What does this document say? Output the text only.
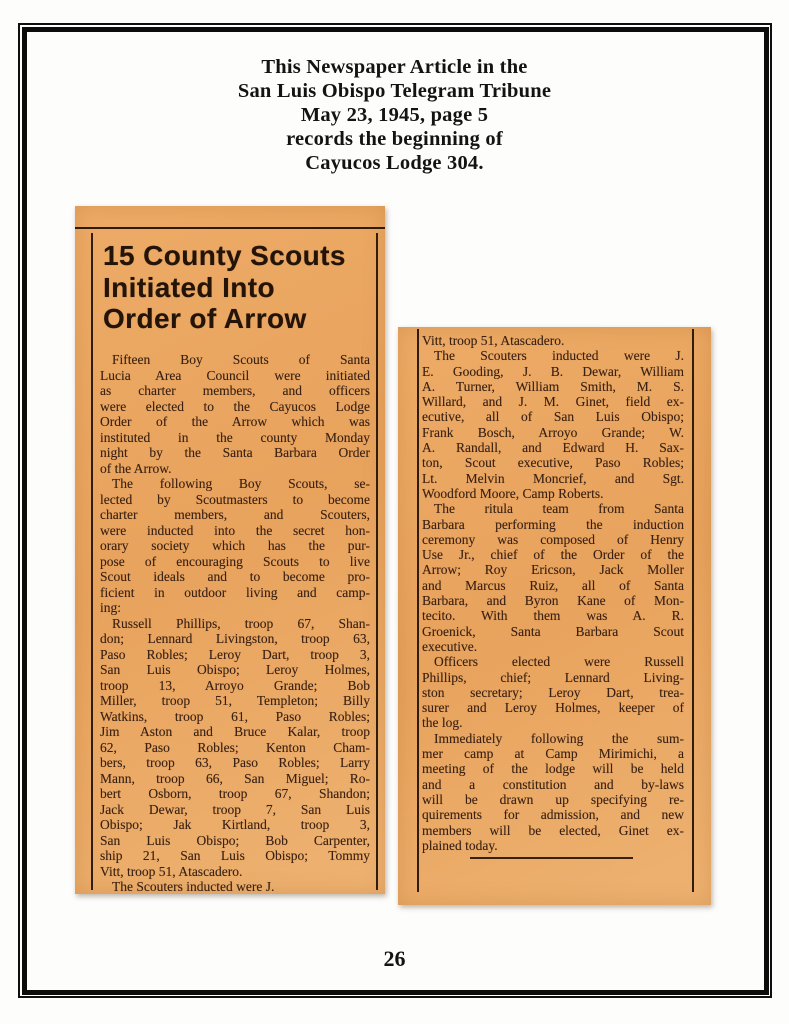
This Newspaper Article in the
San Luis Obispo Telegram Tribune
May 23, 1945, page 5
records the beginning of
Cayucos Lodge 304.
15 County Scouts
Initiated Into
Order of Arrow
Fifteen Boy Scouts of Santa
Lucia Area Council were initiated
as charter members, and officers
were elected to the Cayucos Lodge
Order of the Arrow which was
instituted in the county Monday
night by the Santa Barbara Order
of the Arrow.
The following Boy Scouts, se-
lected by Scoutmasters to become
charter members, and Scouters,
were inducted into the secret hon-
orary society which has the pur-
pose of encouraging Scouts to live
Scout ideals and to become pro-
ficient in outdoor living and camp-
ing:
Russell Phillips, troop 67, Shan-
don; Lennard Livingston, troop 63,
Paso Robles; Leroy Dart, troop 3,
San Luis Obispo; Leroy Holmes,
troop 13, Arroyo Grande; Bob
Miller, troop 51, Templeton; Billy
Watkins, troop 61, Paso Robles;
Jim Aston and Bruce Kalar, troop
62, Paso Robles; Kenton Cham-
bers, troop 63, Paso Robles; Larry
Mann, troop 66, San Miguel; Ro-
bert Osborn, troop 67, Shandon;
Jack Dewar, troop 7, San Luis
Obispo; Jak Kirtland, troop 3,
San Luis Obispo; Bob Carpenter,
ship 21, San Luis Obispo; Tommy
Vitt, troop 51, Atascadero.
The Scouters inducted were J.
Vitt, troop 51, Atascadero.
The Scouters inducted were J.
E. Gooding, J. B. Dewar, William
A. Turner, William Smith, M. S.
Willard, and J. M. Ginet, field ex-
ecutive, all of San Luis Obispo;
Frank Bosch, Arroyo Grande; W.
A. Randall, and Edward H. Sax-
ton, Scout executive, Paso Robles;
Lt. Melvin Moncrief, and Sgt.
Woodford Moore, Camp Roberts.
The ritula team from Santa
Barbara performing the induction
ceremony was composed of Henry
Use Jr., chief of the Order of the
Arrow; Roy Ericson, Jack Moller
and Marcus Ruiz, all of Santa
Barbara, and Byron Kane of Mon-
tecito. With them was A. R.
Groenick, Santa Barbara Scout
executive.
Officers elected were Russell
Phillips, chief; Lennard Living-
ston secretary; Leroy Dart, trea-
surer and Leroy Holmes, keeper of
the log.
Immediately following the sum-
mer camp at Camp Mirimichi, a
meeting of the lodge will be held
and a constitution and by-laws
will be drawn up specifying re-
quirements for admission, and new
members will be elected, Ginet ex-
plained today.
26
